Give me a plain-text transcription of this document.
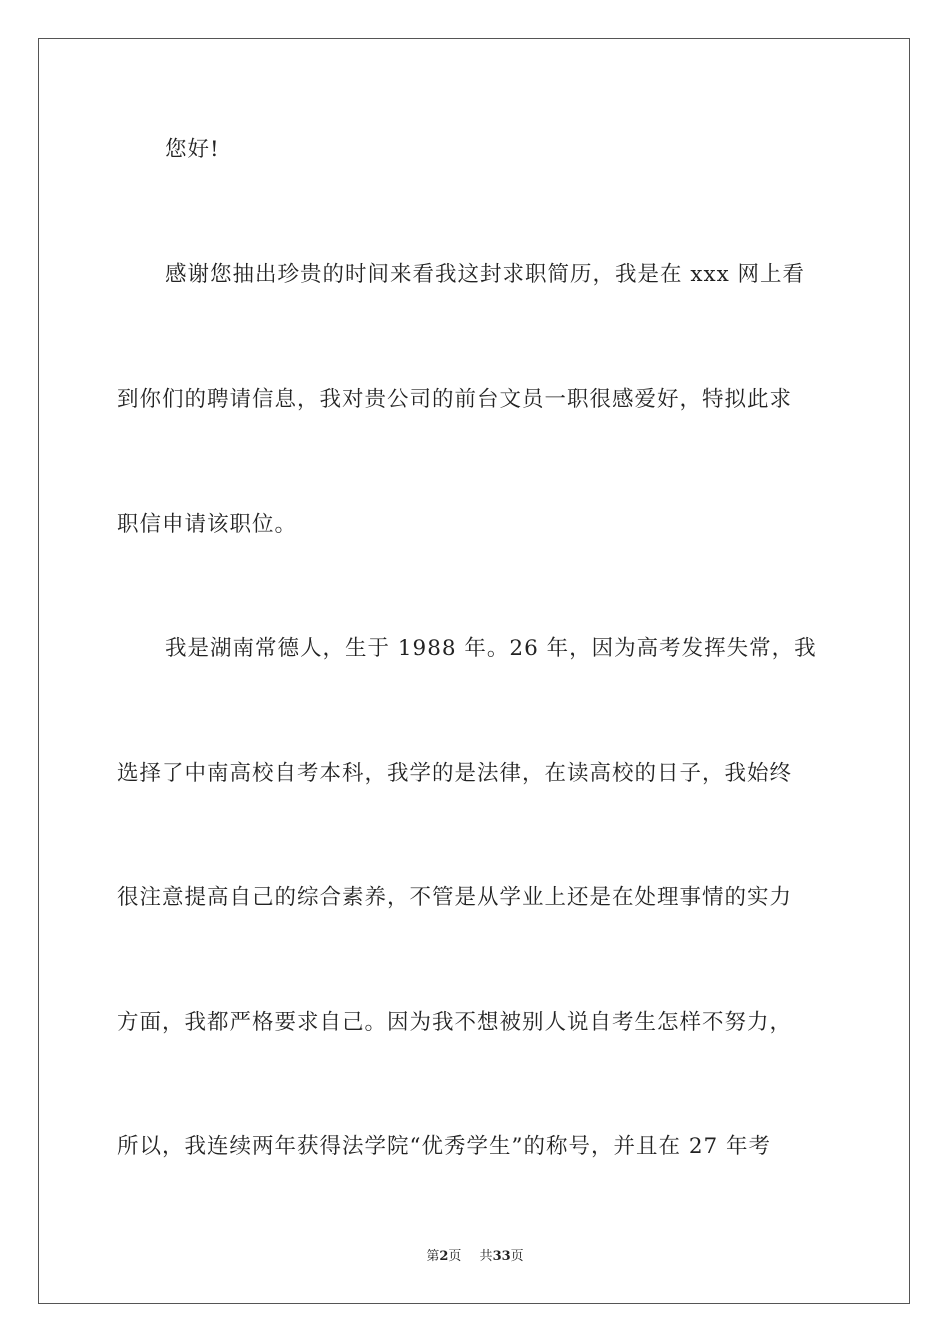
您好!
感谢您抽出珍贵的时间来看我这封求职简历，我是在 xxx 网上看
到你们的聘请信息，我对贵公司的前台文员一职很感爱好，特拟此求
职信申请该职位。
我是湖南常德人，生于 1988 年。26 年，因为高考发挥失常，我
选择了中南高校自考本科，我学的是法律，在读高校的日子，我始终
很注意提高自己的综合素养，不管是从学业上还是在处理事情的实力
方面，我都严格要求自己。因为我不想被别人说自考生怎样不努力，
所以，我连续两年获得法学院“优秀学生”的称号，并且在 27 年考
第2页 共33页
